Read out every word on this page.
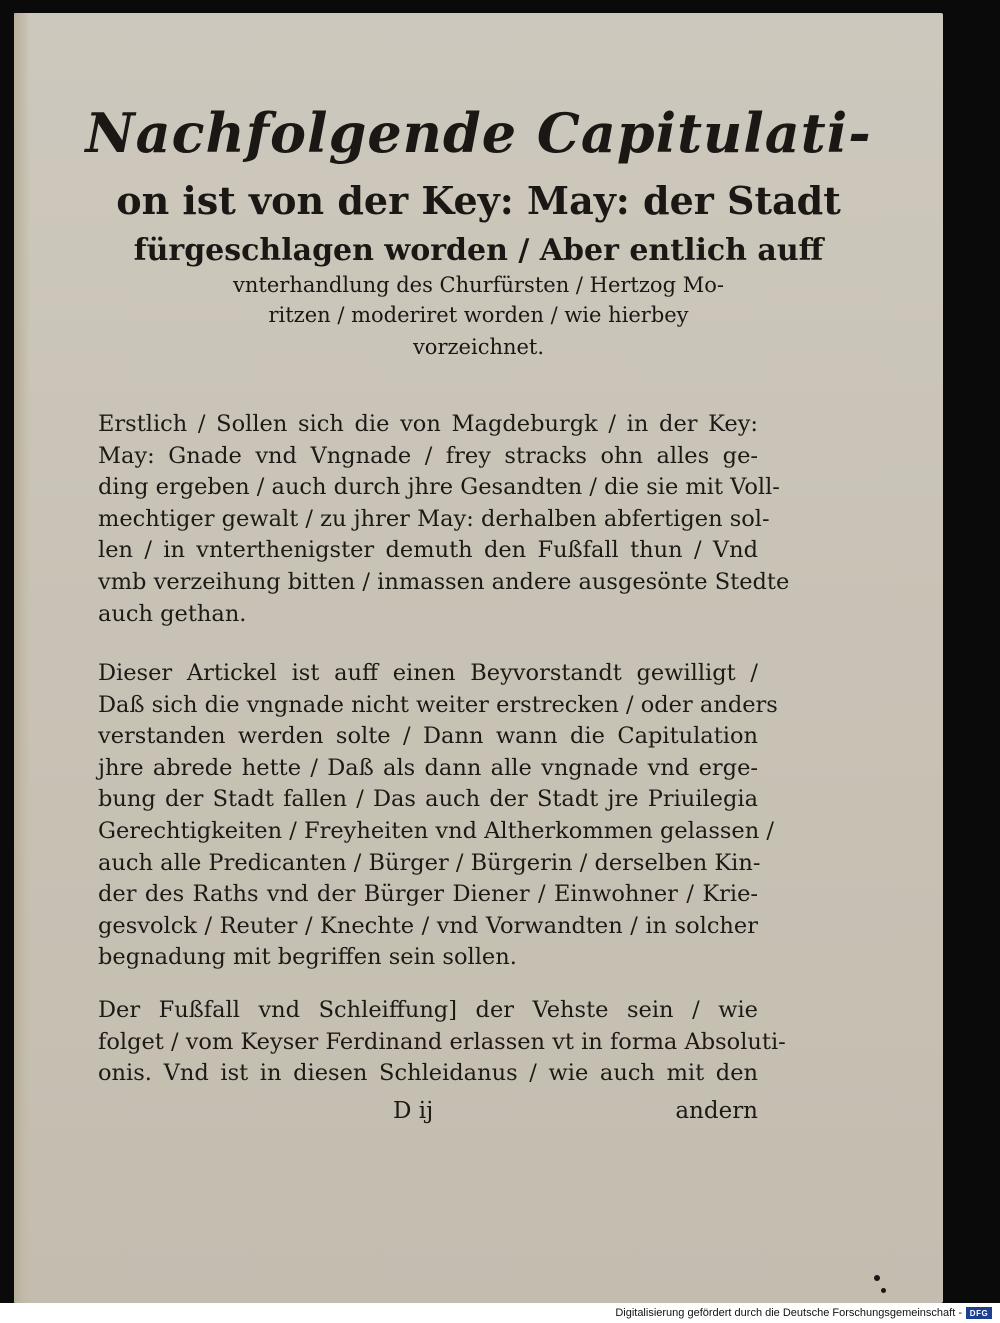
Nachfolgende Capitulati-
on ist von der Key: May: der Stadt
fürgeschlagen worden / Aber entlich auff
vnterhandlung des Churfürsten / Hertzog Mo-
ritzen / moderiret worden / wie hierbey
vorzeichnet.
Erstlich / Sollen sich die von Magdeburgk / in der Key:
May: Gnade vnd Vngnade / frey stracks ohn alles ge-
ding ergeben / auch durch jhre Gesandten / die sie mit Voll-
mechtiger gewalt / zu jhrer May: derhalben abfertigen sol-
len / in vnterthenigster demuth den Fußfall thun / Vnd
vmb verzeihung bitten / inmassen andere ausgesönte Stedte
auch gethan.
Dieser Artickel ist auff einen Beyvorstandt gewilligt /
Daß sich die vngnade nicht weiter erstrecken / oder anders
verstanden werden solte / Dann wann die Capitulation
jhre abrede hette / Daß als dann alle vngnade vnd erge-
bung der Stadt fallen / Das auch der Stadt jre Priuilegia
Gerechtigkeiten / Freyheiten vnd Altherkommen gelassen /
auch alle Predicanten / Bürger / Bürgerin / derselben Kin-
der des Raths vnd der Bürger Diener / Einwohner / Krie-
gesvolck / Reuter / Knechte / vnd Vorwandten / in solcher
begnadung mit begriffen sein sollen.
Der Fußfall vnd Schleiffung] der Vehste sein / wie
folget / vom Keyser Ferdinand erlassen vt in forma Absoluti-
onis. Vnd ist in diesen Schleidanus / wie auch mit den
D ij	andern
Digitalisierung gefördert durch die Deutsche Forschungsgemeinschaft - DFG
